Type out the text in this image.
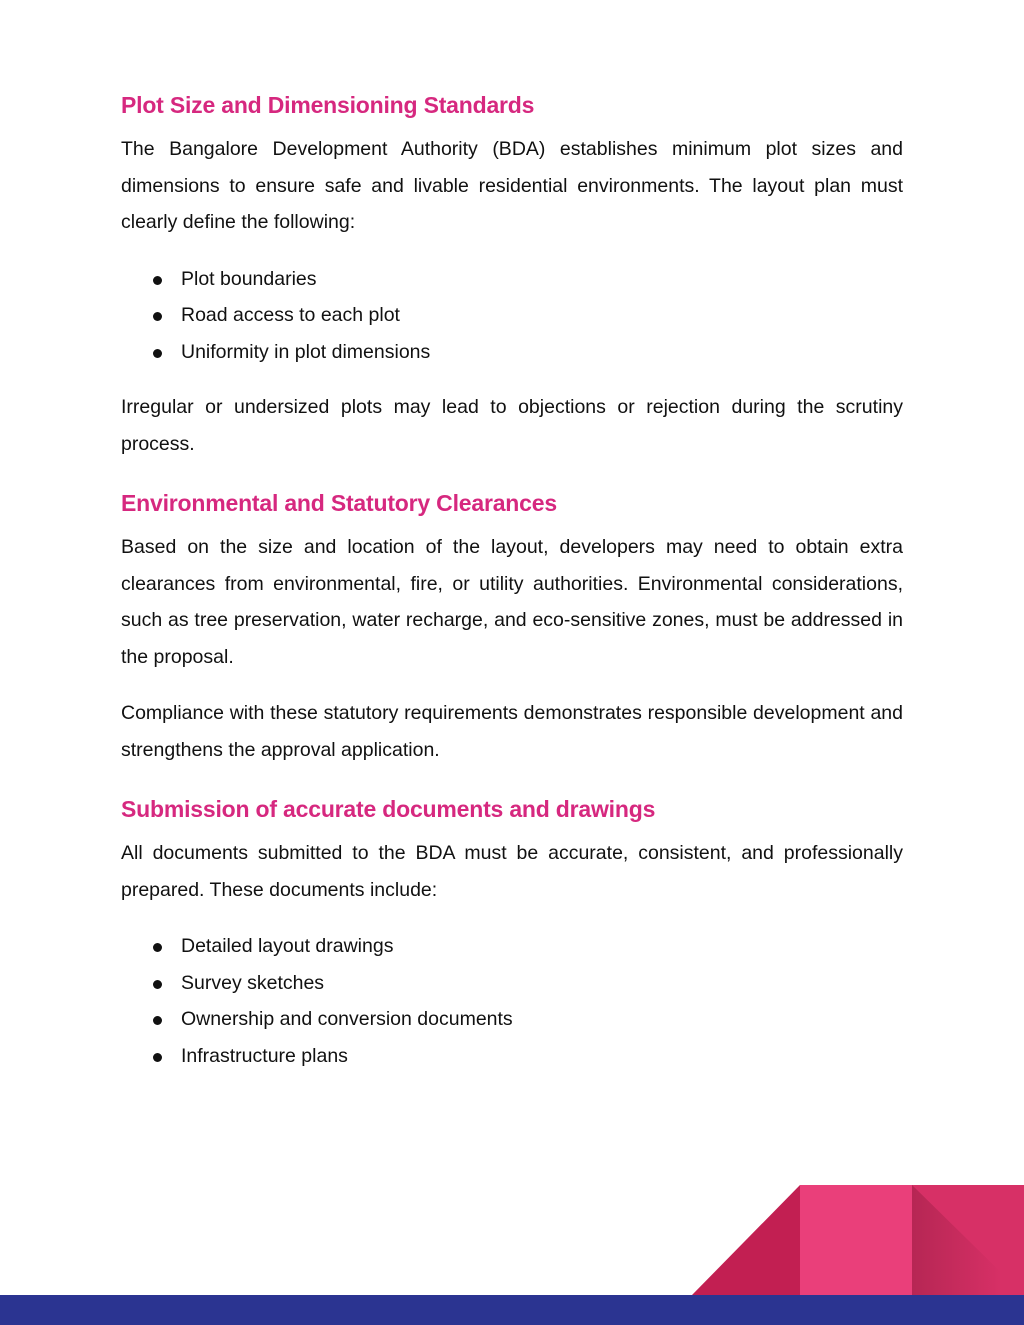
Plot Size and Dimensioning Standards

The Bangalore Development Authority (BDA) establishes minimum plot sizes and dimensions to ensure safe and livable residential environments. The layout plan must clearly define the following:

Plot boundaries
Road access to each plot
Uniformity in plot dimensions

Irregular or undersized plots may lead to objections or rejection during the scrutiny process.

Environmental and Statutory Clearances

Based on the size and location of the layout, developers may need to obtain extra clearances from environmental, fire, or utility authorities. Environmental considerations, such as tree preservation, water recharge, and eco-sensitive zones, must be addressed in the proposal.

Compliance with these statutory requirements demonstrates responsible development and strengthens the approval application.

Submission of accurate documents and drawings

All documents submitted to the BDA must be accurate, consistent, and professionally prepared. These documents include:

Detailed layout drawings
Survey sketches
Ownership and conversion documents
Infrastructure plans
